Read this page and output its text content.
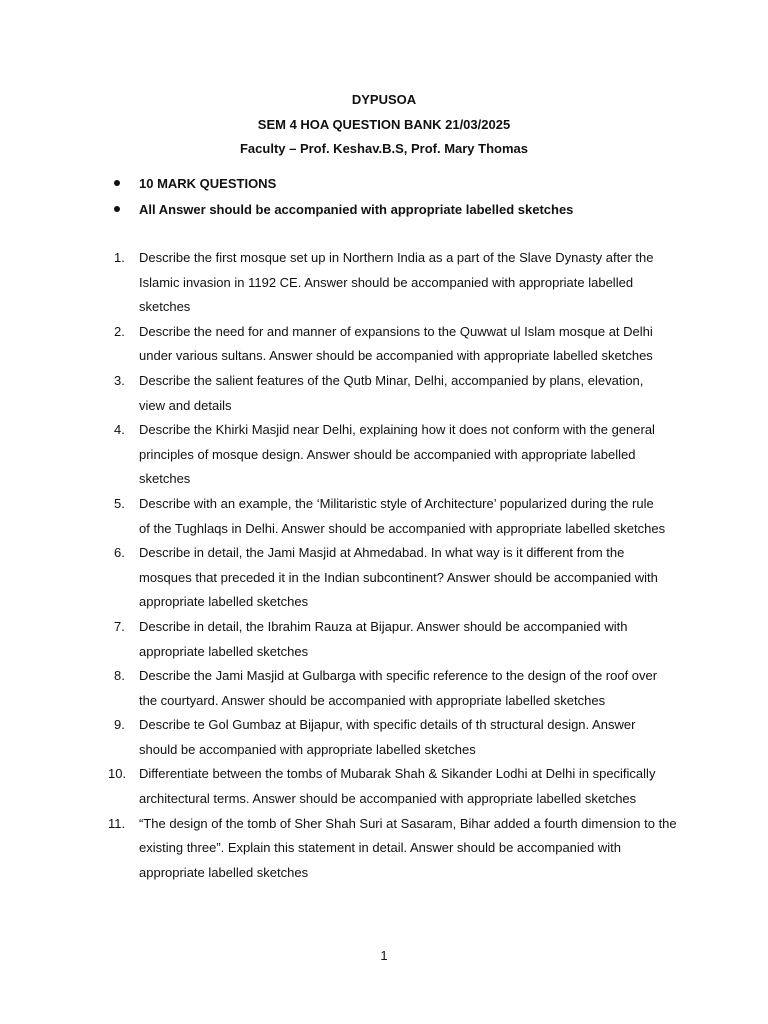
DYPUSOA
SEM 4 HOA QUESTION BANK 21/03/2025
Faculty – Prof. Keshav.B.S, Prof. Mary Thomas
10 MARK QUESTIONS
All Answer should be accompanied with appropriate labelled sketches
1. Describe the first mosque set up in Northern India as a part of the Slave Dynasty after the
Islamic invasion in 1192 CE. Answer should be accompanied with appropriate labelled
sketches
2. Describe the need for and manner of expansions to the Quwwat ul Islam mosque at Delhi
under various sultans. Answer should be accompanied with appropriate labelled sketches
3. Describe the salient features of the Qutb Minar, Delhi, accompanied by plans, elevation,
view and details
4. Describe the Khirki Masjid near Delhi, explaining how it does not conform with the general
principles of mosque design. Answer should be accompanied with appropriate labelled
sketches
5. Describe with an example, the ‘Militaristic style of Architecture’ popularized during the rule
of the Tughlaqs in Delhi. Answer should be accompanied with appropriate labelled sketches
6. Describe in detail, the Jami Masjid at Ahmedabad. In what way is it different from the
mosques that preceded it in the Indian subcontinent? Answer should be accompanied with
appropriate labelled sketches
7. Describe in detail, the Ibrahim Rauza at Bijapur. Answer should be accompanied with
appropriate labelled sketches
8. Describe the Jami Masjid at Gulbarga with specific reference to the design of the roof over
the courtyard. Answer should be accompanied with appropriate labelled sketches
9. Describe te Gol Gumbaz at Bijapur, with specific details of th structural design. Answer
should be accompanied with appropriate labelled sketches
10. Differentiate between the tombs of Mubarak Shah & Sikander Lodhi at Delhi in specifically
architectural terms. Answer should be accompanied with appropriate labelled sketches
11. “The design of the tomb of Sher Shah Suri at Sasaram, Bihar added a fourth dimension to the
existing three”. Explain this statement in detail. Answer should be accompanied with
appropriate labelled sketches
1
